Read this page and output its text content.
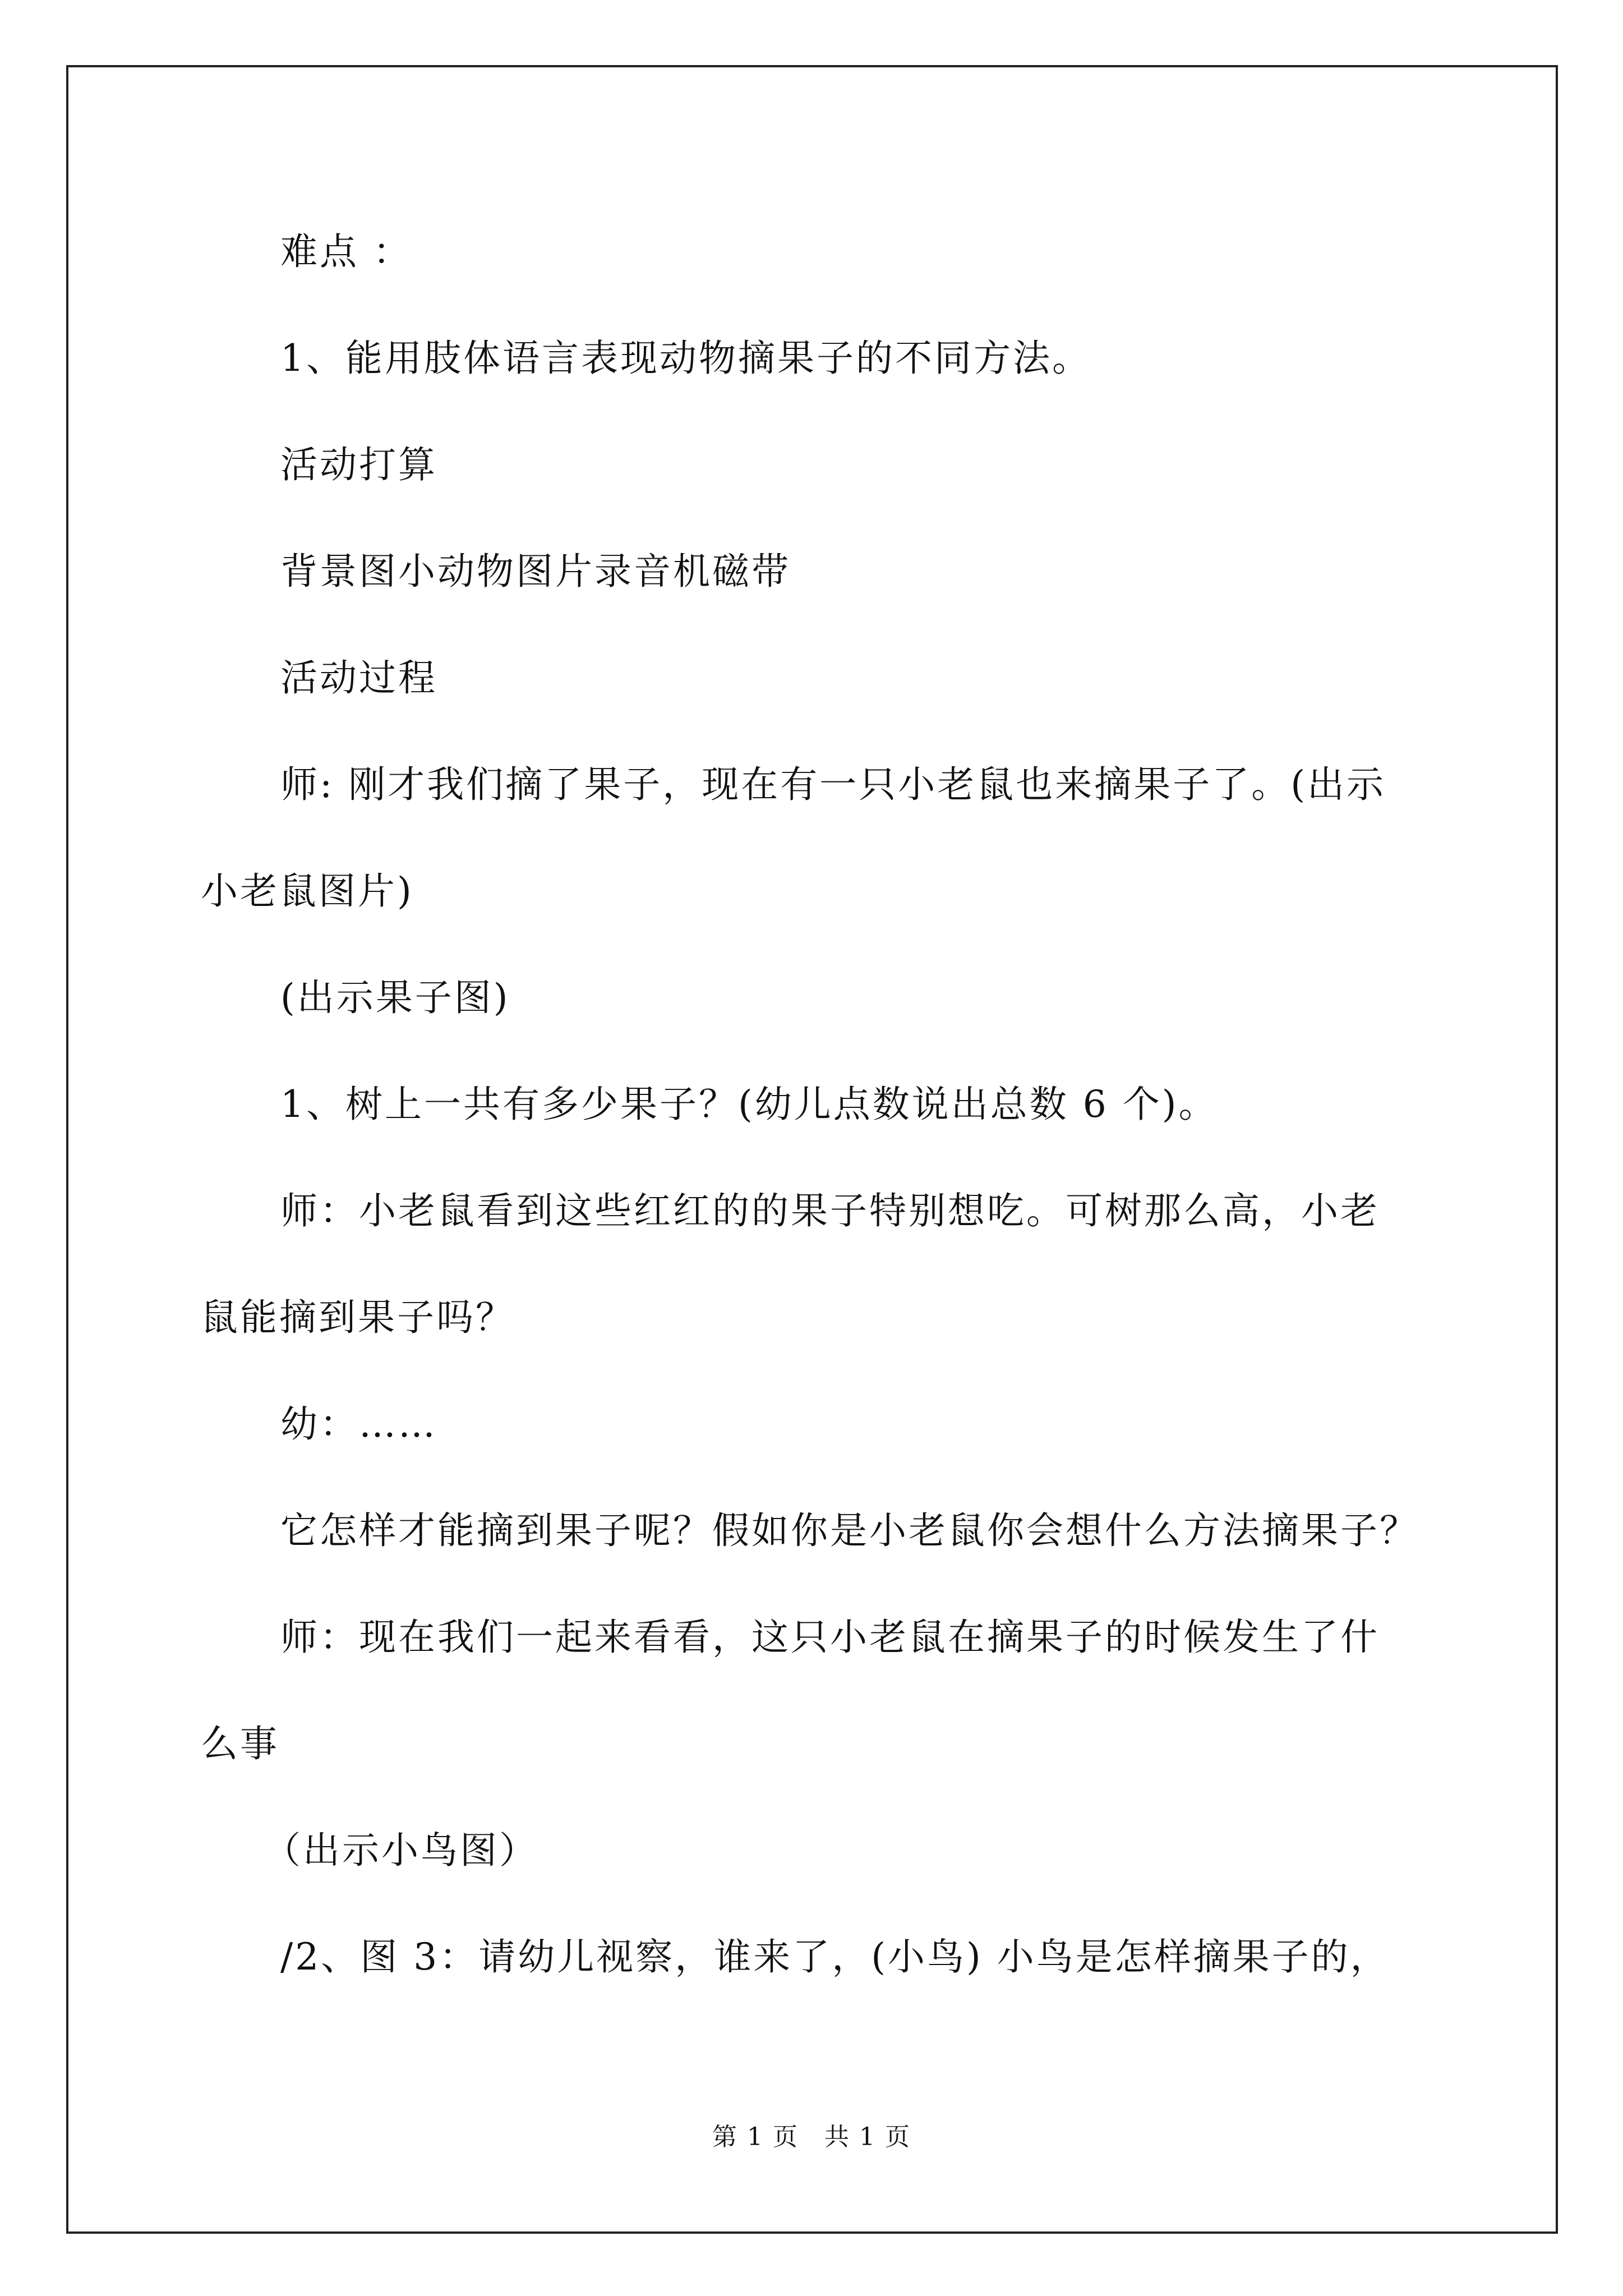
难点 ：
1、能用肢体语言表现动物摘果子的不同方法。
活动打算
背景图小动物图片录音机磁带
活动过程
师: 刚才我们摘了果子，现在有一只小老鼠也来摘果子了。(出示
小老鼠图片)
(出示果子图)
1、树上一共有多少果子？(幼儿点数说出总数 6 个)。
师：小老鼠看到这些红红的的果子特别想吃。可树那么高，小老
鼠能摘到果子吗？
幼：……
它怎样才能摘到果子呢？假如你是小老鼠你会想什么方法摘果子？
师：现在我们一起来看看，这只小老鼠在摘果子的时候发生了什
么事
（出示小鸟图）
/2、图 3：请幼儿视察，谁来了，(小鸟) 小鸟是怎样摘果子的，
第 1 页　共 1 页
